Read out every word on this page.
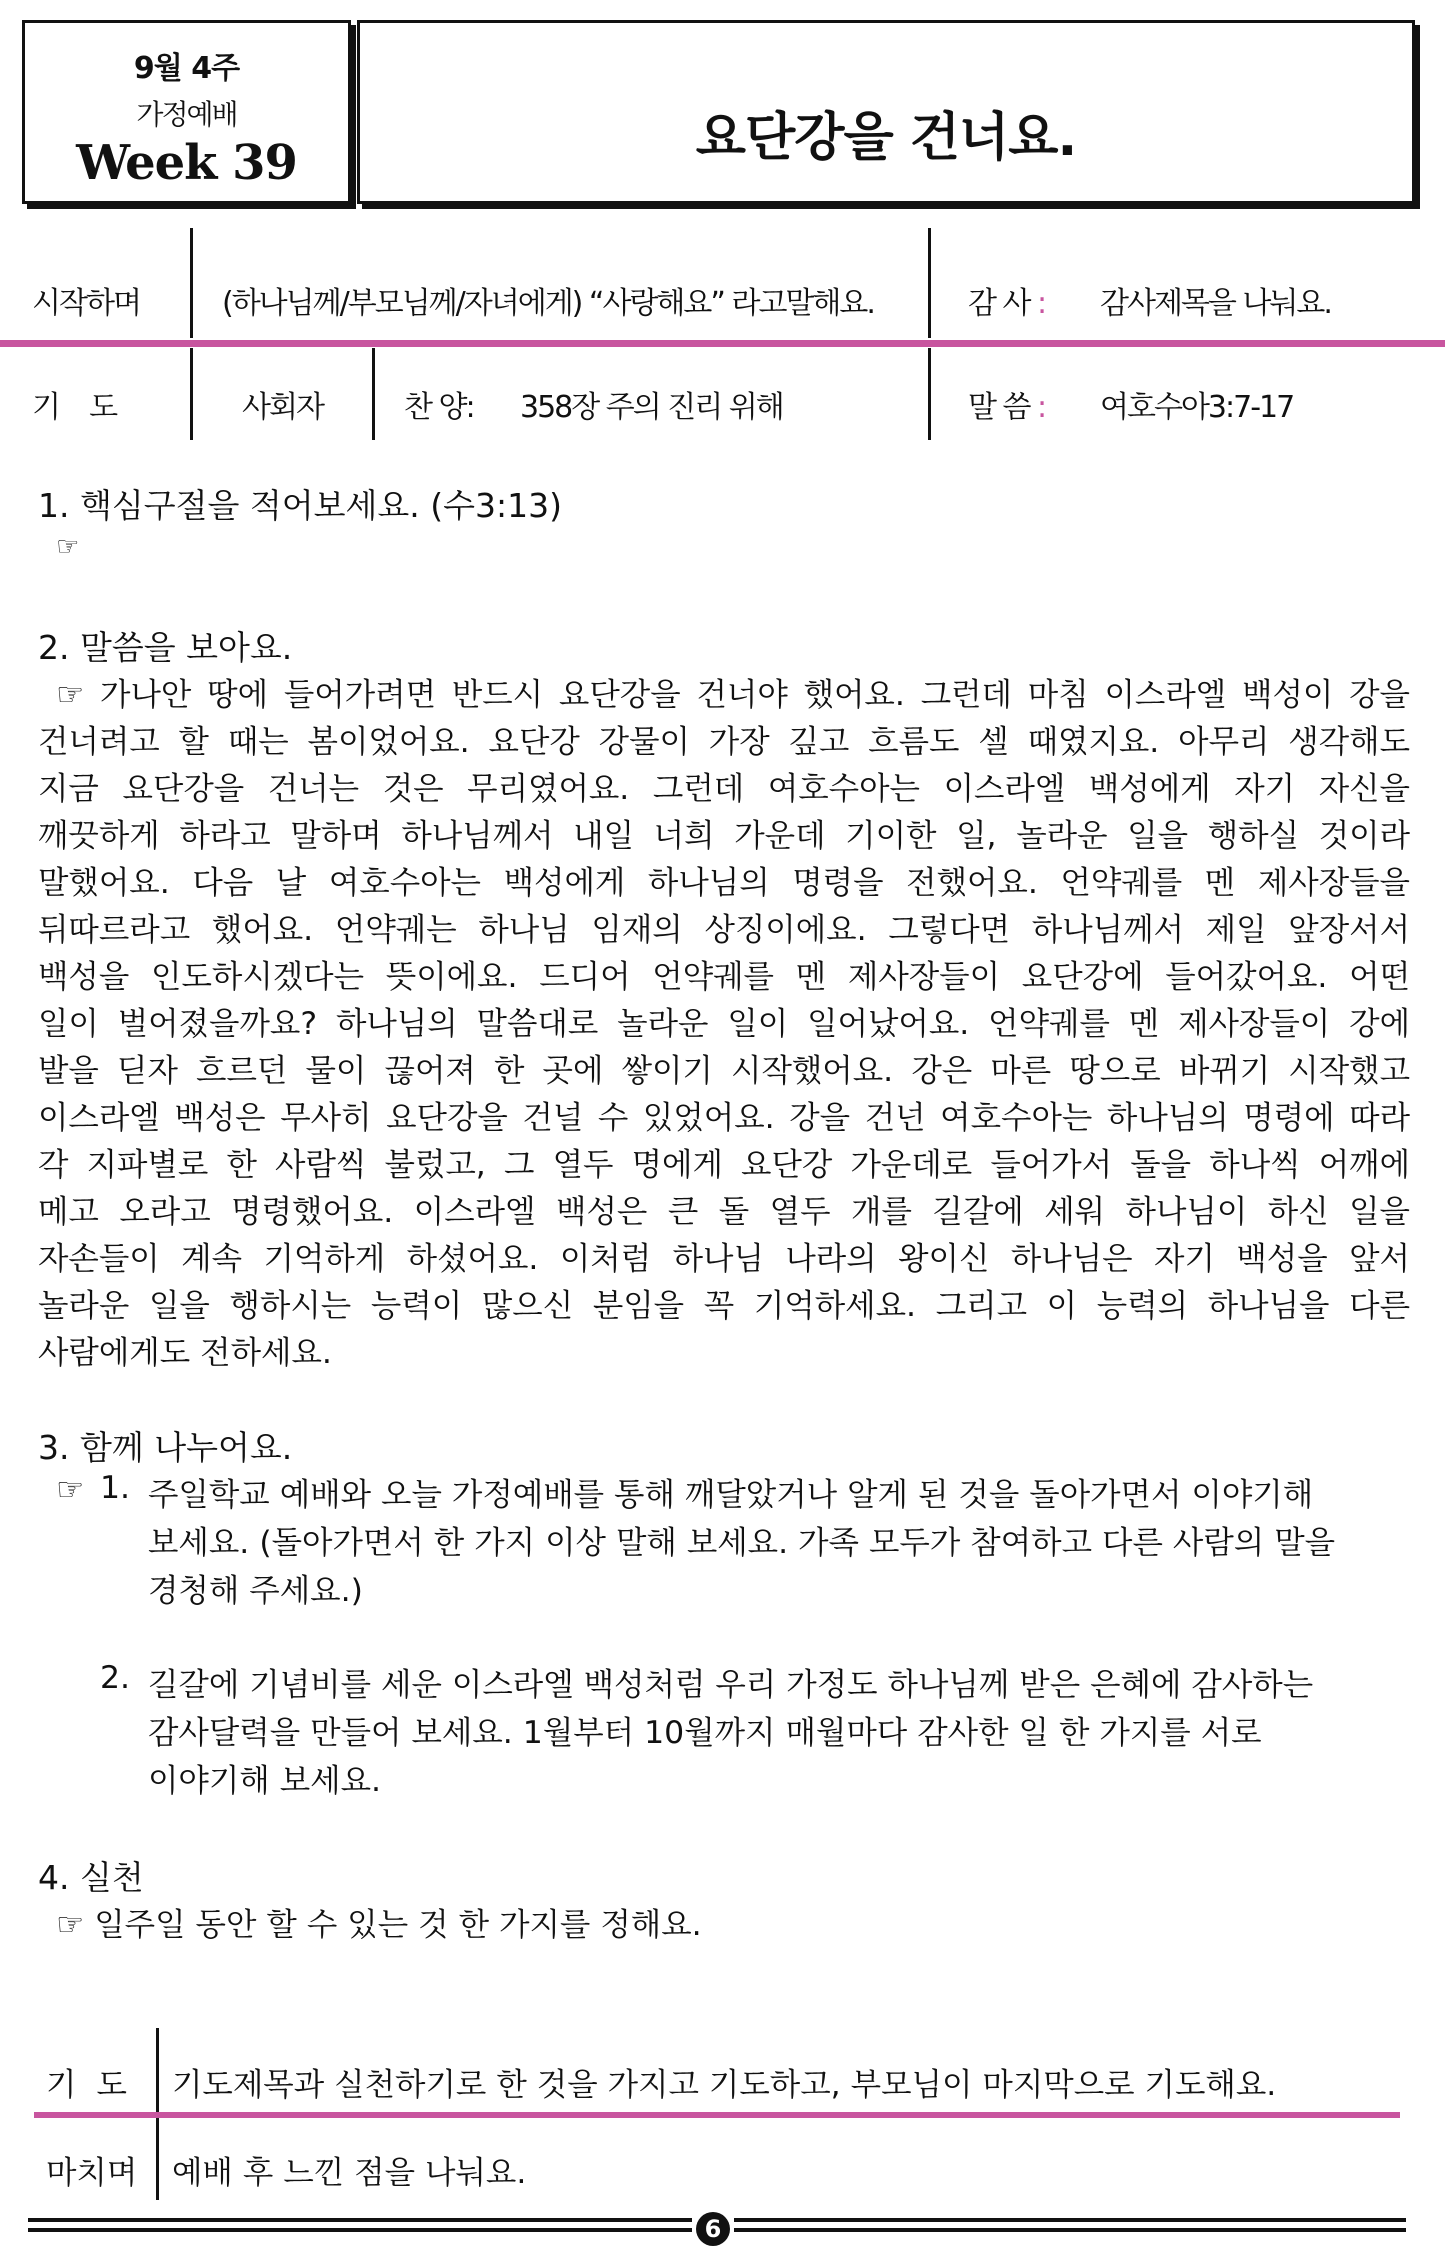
9월 4주
가정예배
Week 39	요단강을 건너요.
시작하며	(하나님께/부모님께/자녀에게) “사랑해요” 라고말해요.	감 사 : 감사제목을 나눠요.
기    도	사회자	찬 양: 358장 주의 진리 위해	말 씀 : 여호수아3:7-17
1. 핵심구절을 적어보세요. (수3:13)
☞
2. 말씀을 보아요.
☞ 가나안 땅에 들어가려면 반드시 요단강을 건너야 했어요. 그런데 마침 이스라엘 백성이 강을
건너려고 할 때는 봄이었어요. 요단강 강물이 가장 깊고 흐름도 셀 때였지요. 아무리 생각해도
지금 요단강을 건너는 것은 무리였어요. 그런데 여호수아는 이스라엘 백성에게 자기 자신을
깨끗하게 하라고 말하며 하나님께서 내일 너희 가운데 기이한 일, 놀라운 일을 행하실 것이라
말했어요. 다음 날 여호수아는 백성에게 하나님의 명령을 전했어요. 언약궤를 멘 제사장들을
뒤따르라고 했어요. 언약궤는 하나님 임재의 상징이에요. 그렇다면 하나님께서 제일 앞장서서
백성을 인도하시겠다는 뜻이에요. 드디어 언약궤를 멘 제사장들이 요단강에 들어갔어요. 어떤
일이 벌어졌을까요? 하나님의 말씀대로 놀라운 일이 일어났어요. 언약궤를 멘 제사장들이 강에
발을 딛자 흐르던 물이 끊어져 한 곳에 쌓이기 시작했어요. 강은 마른 땅으로 바뀌기 시작했고
이스라엘 백성은 무사히 요단강을 건널 수 있었어요. 강을 건넌 여호수아는 하나님의 명령에 따라
각 지파별로 한 사람씩 불렀고, 그 열두 명에게 요단강 가운데로 들어가서 돌을 하나씩 어깨에
메고 오라고 명령했어요. 이스라엘 백성은 큰 돌 열두 개를 길갈에 세워 하나님이 하신 일을
자손들이 계속 기억하게 하셨어요. 이처럼 하나님 나라의 왕이신 하나님은 자기 백성을 앞서
놀라운 일을 행하시는 능력이 많으신 분임을 꼭 기억하세요. 그리고 이 능력의 하나님을 다른
사람에게도 전하세요.
3. 함께 나누어요.
☞ 1. 주일학교 예배와 오늘 가정예배를 통해 깨달았거나 알게 된 것을 돌아가면서 이야기해
보세요. (돌아가면서 한 가지 이상 말해 보세요. 가족 모두가 참여하고 다른 사람의 말을
경청해 주세요.)
2. 길갈에 기념비를 세운 이스라엘 백성처럼 우리 가정도 하나님께 받은 은혜에 감사하는
감사달력을 만들어 보세요. 1월부터 10월까지 매월마다 감사한 일 한 가지를 서로
이야기해 보세요.
4. 실천
☞ 일주일 동안 할 수 있는 것 한 가지를 정해요.
기  도 기도제목과 실천하기로 한 것을 가지고 기도하고, 부모님이 마지막으로 기도해요.
마치며 예배 후 느낀 점을 나눠요.
6
